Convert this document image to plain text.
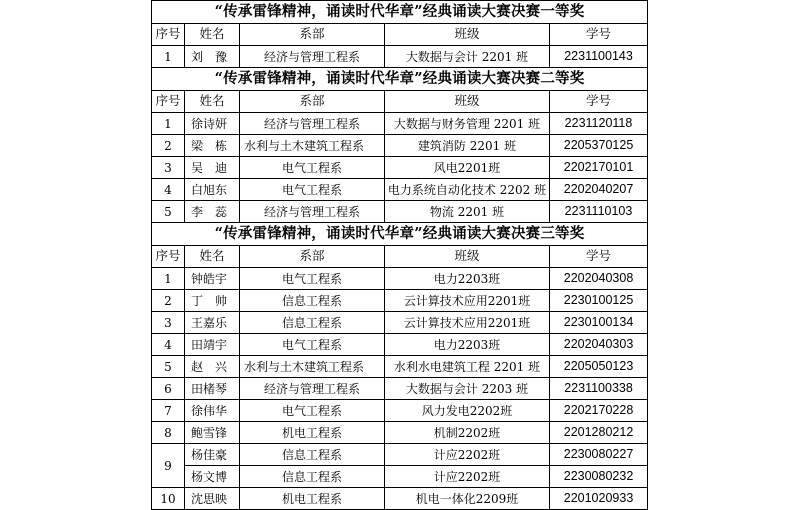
“传承雷锋精神，诵读时代华章”经典诵读大赛决赛一等奖				
序号	姓名	系部	班级	学号
1	刘　豫	经济与管理工程系	大数据与会计 2201 班	2231100143
“传承雷锋精神，诵读时代华章”经典诵读大赛决赛二等奖				
序号	姓名	系部	班级	学号
1	徐诗妍	经济与管理工程系	大数据与财务管理 2201 班	2231120118
2	梁　栋	水利与土木建筑工程系	建筑消防 2201 班	2205370125
3	吴　迪	电气工程系	风电2201班	2202170101
4	白旭东	电气工程系	电力系统自动化技术 2202 班	2202040207
5	李　蕊	经济与管理工程系	物流 2201 班	2231110103
“传承雷锋精神，诵读时代华章”经典诵读大赛决赛三等奖				
序号	姓名	系部	班级	学号
1	钟皓宇	电气工程系	电力2203班	2202040308
2	丁　帅	信息工程系	云计算技术应用2201班	2230100125
3	王嘉乐	信息工程系	云计算技术应用2201班	2230100134
4	田靖宇	电气工程系	电力2203班	2202040303
5	赵　兴	水利与土木建筑工程系	水利水电建筑工程 2201 班	2205050123
6	田楮琴	经济与管理工程系	大数据与会计 2203 班	2231100338
7	徐伟华	电气工程系	风力发电2202班	2202170228
8	鲍雪锋	机电工程系	机制2202班	2201280212
9	杨佳豪	信息工程系	计应2202班	2230080227
	杨文博	信息工程系	计应2202班	2230080232
10	沈思映	机电工程系	机电一体化2209班	2201020933
